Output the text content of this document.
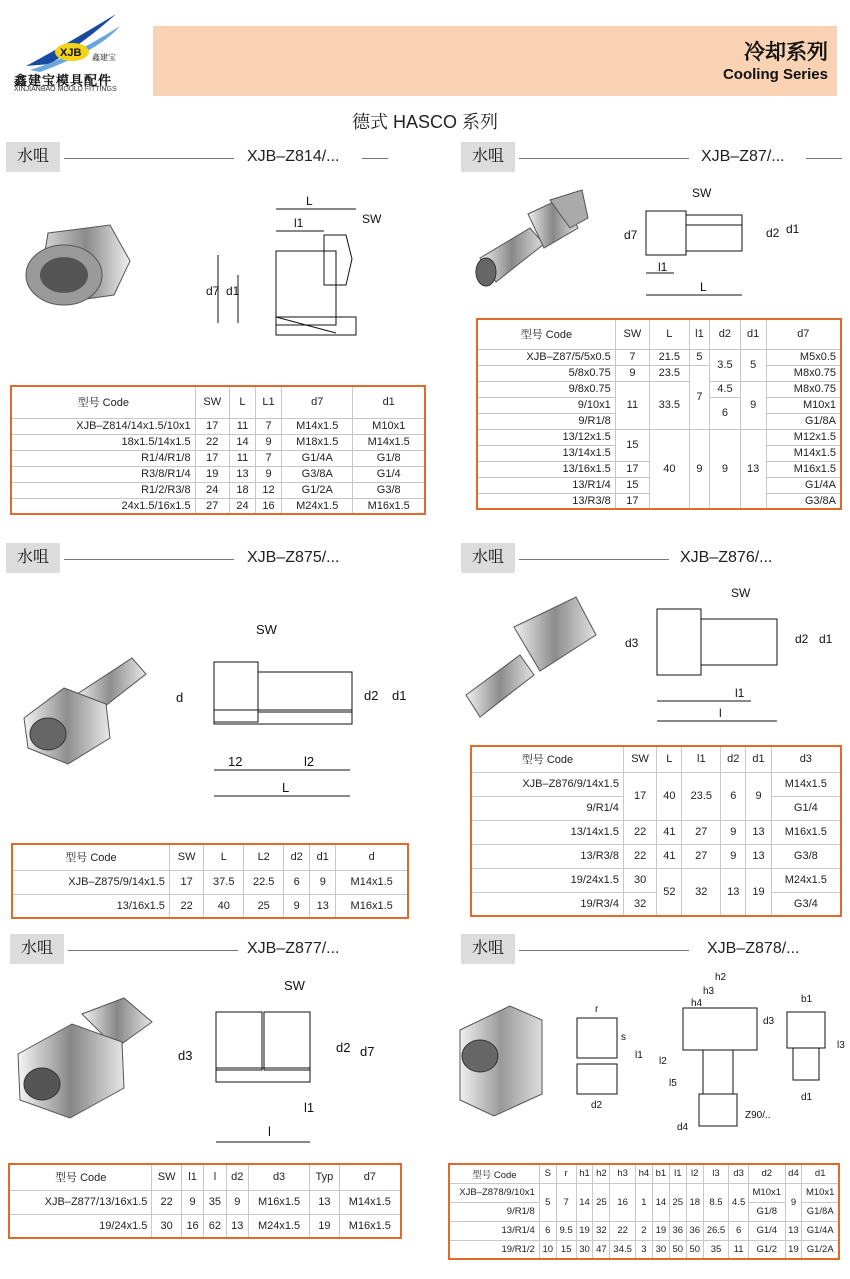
XJB 鑫建宝
鑫建宝模具配件
XINJIANBAO MOULD FITTINGS
冷却系列
Cooling Series
德式 HASCO 系列
水咀	XJB–Z814/...
L
l1	SW
d7 d1
型号 Code	SW	L	L1	d7	d1
XJB–Z814/14x1.5/10x1	17	11	7	M14x1.5	M10x1
18x1.5/14x1.5	22	14	9	M18x1.5	M14x1.5
R1/4/R1/8	17	11	7	G1/4A	G1/8
R3/8/R1/4	19	13	9	G3/8A	G1/4
R1/2/R3/8	24	18	12	G1/2A	G3/8
24x1.5/16x1.5	27	24	16	M24x1.5	M16x1.5
水咀	XJB–Z87/...
SW
d7	d2 d1
l1
L
型号 Code	SW	L	l1	d2	d1	d7
XJB–Z87/5/5x0.5	7	21.5	5	3.5	5	M5x0.5
5/8x0.75	9	23.5	7			M8x0.75
9/8x0.75	11	33.5		4.5	9	M8x0.75
9/10x1				6		M10x1
9/R1/8						G1/8A
13/12x1.5	15	40	9	9	13	M12x1.5
13/14x1.5						M14x1.5
13/16x1.5	17					M16x1.5
13/R1/4	15					G1/4A
13/R3/8	17					G3/8A
水咀	XJB–Z875/...
SW
d	d2 d1
12	l2
L
型号 Code	SW	L	L2	d2	d1	d
XJB–Z875/9/14x1.5	17	37.5	22.5	6	9	M14x1.5
13/16x1.5	22	40	25	9	13	M16x1.5
水咀	XJB–Z876/...
SW
d3	d2 d1
l1
l
型号 Code	SW	L	l1	d2	d1	d3
XJB–Z876/9/14x1.5	17	40	23.5	6	9	M14x1.5
9/R1/4						G1/4
13/14x1.5	22	41	27	9	13	M16x1.5
13/R3/8	22	41	27	9	13	G3/8
19/24x1.5	30	52	32	13	19	M24x1.5
19/R3/4	32					G3/4
水咀	XJB–Z877/...
SW
d3
d2 d7
l1
l
型号 Code	SW	l1	l	d2	d3	Typ	d7
XJB–Z877/13/16x1.5	22	9	35	9	M16x1.5	13	M14x1.5
19/24x1.5	30	16	62	13	M24x1.5	19	M16x1.5
水咀	XJB–Z878/...
h2
h3
h4
s
l1
l2
l5
d2
d3
d4
d1
b1
Z90/..
l3
r
型号 Code	S	r	h1	h2	h3	h4	b1	l1	l2	l3	d3	d2	d4	d1
XJB–Z878/9/10x1	5	7	14	25	16	1	14	25	18	8.5	4.5	M10x1	9	M10x1
9/R1/8												G1/8		G1/8A
13/R1/4	6	9.5	19	32	22	2	19	36	36	26.5	6	G1/4	13	G1/4A
19/R1/2	10	15	30	47	34.5	3	30	50	50	35	11	G1/2	19	G1/2A
